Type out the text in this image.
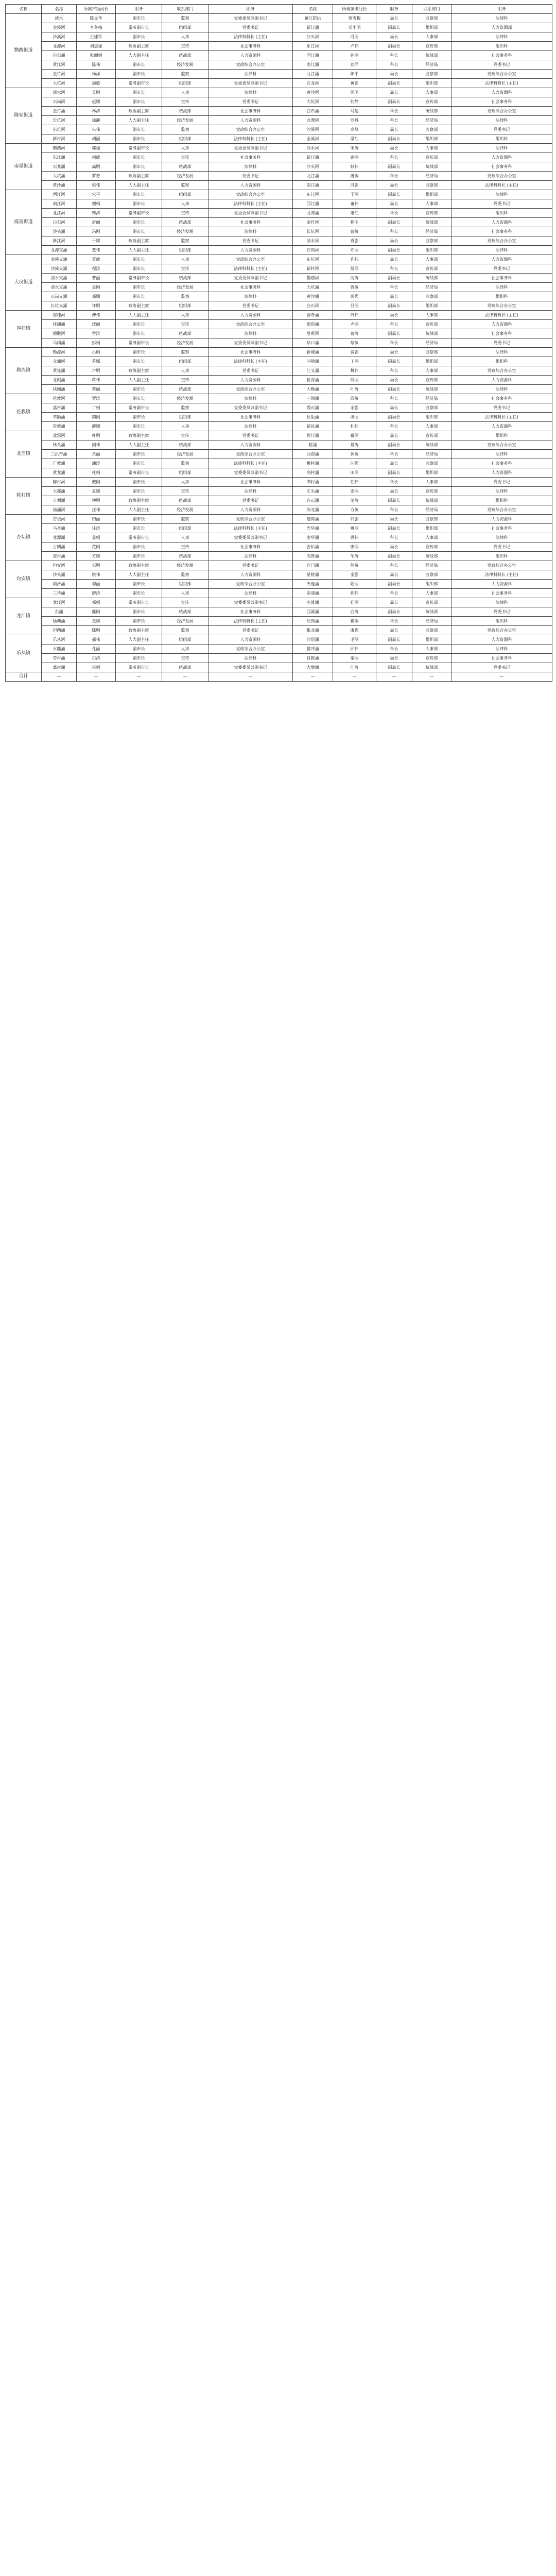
名称	名称	所属市级河长	职务	联系部门	职务	名称	所属镇级河长	职务	联系部门	职务	
鹦鹉街道	淡水	陈文华	副市长	监察	党委委员兼副书记	镇江防洪	曾雪梅	局长	监察部	法律科	
	金溪河	李冬梅	常务副市长	组织部	党委书记	新江涌	邓小明	副局长	组织部	人力资源部	
	沙溪河	王建军	副市长	人事	法律科科长 (主任)	沙头河	冯丽	局长	人事部	法律科	
	龙潭河	刘志强	政协副主席	宣传	社会事务科	东江河	卢伟	副局长	宣传部	组织科	
	白石涌	张丽娟	人大副主任	统战部	人力资源科	西江涌	孙丽	科长	统战部	社会事务科	
	黄江河	陈伟	副市长	经济发展	党政综合办公室	南江涌	刘洋	科长	经济局	党委书记	
	金竹河	杨洋	副市长	监察	法律科	北江涌	陈平	局长	监察部	党政综合办公室	
	大坑河	周敏	常务副市长	组织部	党委委员兼副书记	石龙河	黄强	副局长	组织部	法律科科长 (主任)	
隆安街道	清水河	吴刚	副市长	人事	法律科	黄沙河	郭明	局长	人事部	人力资源科	
	石岗河	赵娜	副市长	宣传	党委书记	大坑河	何静	副局长	宣传部	社会事务科	
	金竹涌	林涛	政协副主席	统战部	社会事务科	白石涌	马超	科长	统战部	党政综合办公室	
	长坑河	徐静	人大副主任	经济发展	人力资源科	龙潭河	罗丹	科长	经济局	法律科	
	东坑河	朱伟	副市长	监察	党政综合办公室	沙溪河	高峰	局长	监察部	党委书记	
	新村河	胡丽	副市长	组织部	法律科科长 (主任)	金溪河	梁红	副局长	组织部	组织科	
南星街道	鹦鹉河	郭强	常务副市长	人事	党委委员兼副书记	淡水河	宋涛	局长	人事部	法律科	
	东江涌	何敏	副市长	宣传	社会事务科	新江涌	谢丽	科长	宣传部	人力资源科	
	石龙涌	高明	副市长	统战部	法律科	沙头河	韩伟	副局长	统战部	社会事务科	
	大坑涌	罗芳	政协副主席	经济发展	党委书记	北江涌	唐敏	科长	经济局	党政综合办公室	
	黄沙涌	梁伟	人大副主任	监察	人力资源科	南江涌	冯强	局长	监察部	法律科科长 (主任)	
霞南街道	西江河	宋平	副市长	组织部	党政综合办公室	东江河	于丽	副局长	组织部	法律科	
	南江河	谢娟	副市长	人事	法律科科长 (主任)	西江涌	董伟	局长	人事部	党委书记	
	北江河	韩涛	常务副市长	宣传	党委委员兼副书记	龙潭涌	萧红	科长	宣传部	组织科	
	白石河	唐丽	副市长	统战部	社会事务科	金竹河	程明	副局长	统战部	人力资源科	
	沙头涌	冯刚	副市长	经济发展	法律科	长坑河	曹敏	科长	经济局	社会事务科	
	新江河	于娜	政协副主席	监察	党委书记	清水河	袁强	局长	监察部	党政综合办公室	
	龙潭支涌	董伟	人大副主任	组织部	人力资源科	石岗河	邓丽	副局长	组织部	法律科	
大良街道	金溪支涌	萧敏	副市长	人事	党政综合办公室	东坑河	许伟	局长	人事部	人力资源科	
	沙溪支涌	程涛	副市长	宣传	法律科科长 (主任)	新村河	傅丽	科长	宣传部	党委书记	
	淡水支涌	曹丽	常务副市长	统战部	党委委员兼副书记	鹦鹉河	沈涛	副局长	统战部	社会事务科	
	清水支涌	袁刚	副市长	经济发展	社会事务科	大坑涌	曾敏	科长	经济局	法律科	
	石岗支涌	邓娜	副市长	监察	法律科	黄沙涌	彭强	局长	监察部	组织科	
	长坑支涌	许明	政协副主席	组织部	党委书记	白石河	吕丽	副局长	组织部	党政综合办公室	
容桂镇	容桂河	傅伟	人大副主任	人事	人力资源科	容奇涌	苏伟	局长	人事部	法律科科长 (主任)	
	桂洲涌	沈丽	副市长	宣传	党政综合办公室	细滘涌	卢丽	科长	宣传部	人力资源科	
	德胜河	曾涛	副市长	统战部	法律科	眉蕉河	蒋涛	副局长	统战部	社会事务科	
	马冈涌	彭娟	常务副市长	经济发展	党委委员兼副书记	华口涌	蔡敏	科长	经济局	党委书记	
勒流镇	勒流河	吕刚	副市长	监察	社会事务科	新城涌	贾强	局长	监察部	法律科	
	众涌河	苏娜	副市长	组织部	法律科科长 (主任)	冲鹤涌	丁丽	副局长	组织部	组织科	
	黄连涌	卢明	政协副主席	人事	党委书记	江义涌	魏伟	科长	人事部	党政综合办公室	
	龙眼涌	蒋伟	人大副主任	宣传	人力资源科	稔海涌	薛丽	局长	宣传部	人力资源科	
	扶闾涌	蔡丽	副市长	统战部	党政综合办公室	大晚涌	叶涛	副局长	统战部	法律科	
伦教镇	伦教河	贾涛	副市长	经济发展	法律科	三洲涌	阎敏	科长	经济局	社会事务科	
	荔村涌	丁娟	常务副市长	监察	党委委员兼副书记	霞石涌	余强	局长	监察部	党委书记	
	羊额涌	魏刚	副市长	组织部	社会事务科	仕版涌	潘丽	副局长	组织部	法律科科长 (主任)	
	常教涌	薛娜	副市长	人事	法律科	新民涌	杜伟	科长	人事部	人力资源科	
北滘镇	北滘河	叶明	政协副主席	宣传	党委书记	碧江涌	戴丽	局长	宣传部	组织科	
	林头涌	阎伟	人大副主任	统战部	人力资源科	槎涌	夏涛	副局长	统战部	党政综合办公室	
	三洪奇涌	余丽	副市长	经济发展	党政综合办公室	西滘涌	钟敏	科长	经济局	法律科	
	广教涌	潘涛	副市长	监察	法律科科长 (主任)	桃村涌	汪强	局长	监察部	社会事务科	
	黄龙涌	杜娟	常务副市长	组织部	党委委员兼副书记	高村涌	田丽	副局长	组织部	人力资源科	
陈村镇	陈村河	戴刚	副市长	人事	社会事务科	潭村涌	任伟	科长	人事部	党委书记	
	大都涌	夏娜	副市长	宣传	法律科	庄头涌	姜丽	局长	宣传部	法律科	
	吉利涌	钟明	政协副主席	统战部	党委书记	白石涌	范涛	副局长	统战部	组织科	
	仙涌河	汪伟	人大副主任	经济发展	人力资源科	岗北涌	方敏	科长	经济局	党政综合办公室	
杏坛镇	杏坛河	田丽	副市长	监察	党政综合办公室	逢简涌	石强	局长	监察部	人力资源科	
	马齐涌	任涛	副市长	组织部	法律科科长 (主任)	光华涌	姚丽	副局长	组织部	社会事务科	
	龙潭涌	姜娟	常务副市长	人事	党委委员兼副书记	南华涌	谭伟	科长	人事部	法律科	
	古朗涌	范刚	副市长	宣传	社会事务科	吉佑涌	廖丽	局长	宣传部	党委书记	
	麦村涌	方娜	副市长	统战部	法律科	高赞涌	邹涛	副局长	统战部	组织科	
均安镇	均安河	石明	政协副主席	经济发展	党委书记	仓门涌	熊敏	科长	经济局	党政综合办公室	
	沙头涌	姚伟	人大副主任	监察	人力资源科	星槎涌	金强	局长	监察部	法律科科长 (主任)	
	南沙涌	谭丽	副市长	组织部	党政综合办公室	天连涌	陆丽	副局长	组织部	人力资源科	
	三华涌	廖涛	副市长	人事	法律科	南浦涌	郝伟	科长	人事部	社会事务科	
龙江镇	龙江河	邹娟	常务副市长	宣传	党委委员兼副书记	左滩涌	孔丽	局长	宣传部	法律科	
	东涌	熊刚	副市长	统战部	社会事务科	西溪涌	白涛	副局长	统战部	党委书记	
	仙塘涌	金娜	副市长	经济发展	法律科科长 (主任)	旺岗涌	崔敏	科长	经济局	组织科	
	坦西涌	陆明	政协副主席	监察	党委书记	集北涌	康强	局长	监察部	党政综合办公室	
乐从镇	乐从河	郝伟	人大副主任	组织部	人力资源科	沙滘涌	毛丽	副局长	组织部	人力资源科	
	水藤涌	孔丽	副市长	人事	党政综合办公室	腾冲涌	邱伟	科长	人事部	法律科	
	劳村涌	白涛	副市长	宣传	法律科	良教涌	秦丽	局长	宣传部	社会事务科	
	葛岸涌	崔娟	常务副市长	统战部	党委委员兼副书记	大墩涌	江涛	副局长	统战部	党委书记	
合计	—	—	—	—	—	—	—	—	—	—	
